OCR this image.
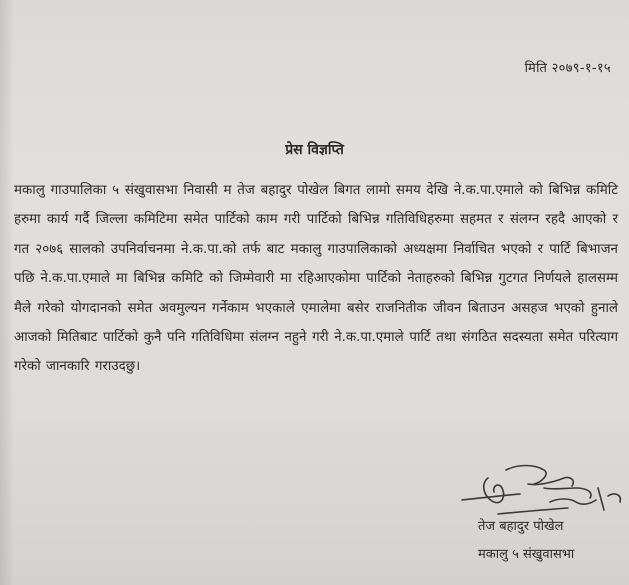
मिति २०७९-१-१५
प्रेस विज्ञप्ति

मकालु गाउपालिका ५ संखुवासभा निवासी म तेज बहादुर पोखेल बिगत लामो समय देखि ने.क.पा.एमाले को बिभिन्न कमिटि हरुमा कार्य गर्दै जिल्ला कमिटिमा समेत पार्टिको काम गरी पार्टिको बिभिन्न गतिविधिहरुमा सहमत र संलग्न रहदै आएको र गत २०७६ सालको उपनिर्वाचनमा ने.क.पा.को तर्फ बाट मकालु गाउपालिकाको अध्यक्षमा निर्वाचित भएको र पार्टि बिभाजन पछि ने.क.पा.एमाले मा बिभिन्न कमिटि को जिम्मेवारी मा रहिआएकोमा पार्टिको नेताहरुको बिभिन्न गुटगत निर्णयले हालसम्म मैले गरेको योगदानको समेत अवमुल्यन गर्नेकाम भएकाले एमालेमा बसेर राजनितीक जीवन बिताउन असहज भएको हुनाले आजको मितिबाट पार्टिको कुनै पनि गतिविधिमा संलग्न नहुने गरी ने.क.पा.एमाले पार्टि तथा संगठित सदस्यता समेत परित्याग गरेको जानकारि गराउदछु।

तेज बहादुर पोखेल
मकालु ५ संखुवासभा
